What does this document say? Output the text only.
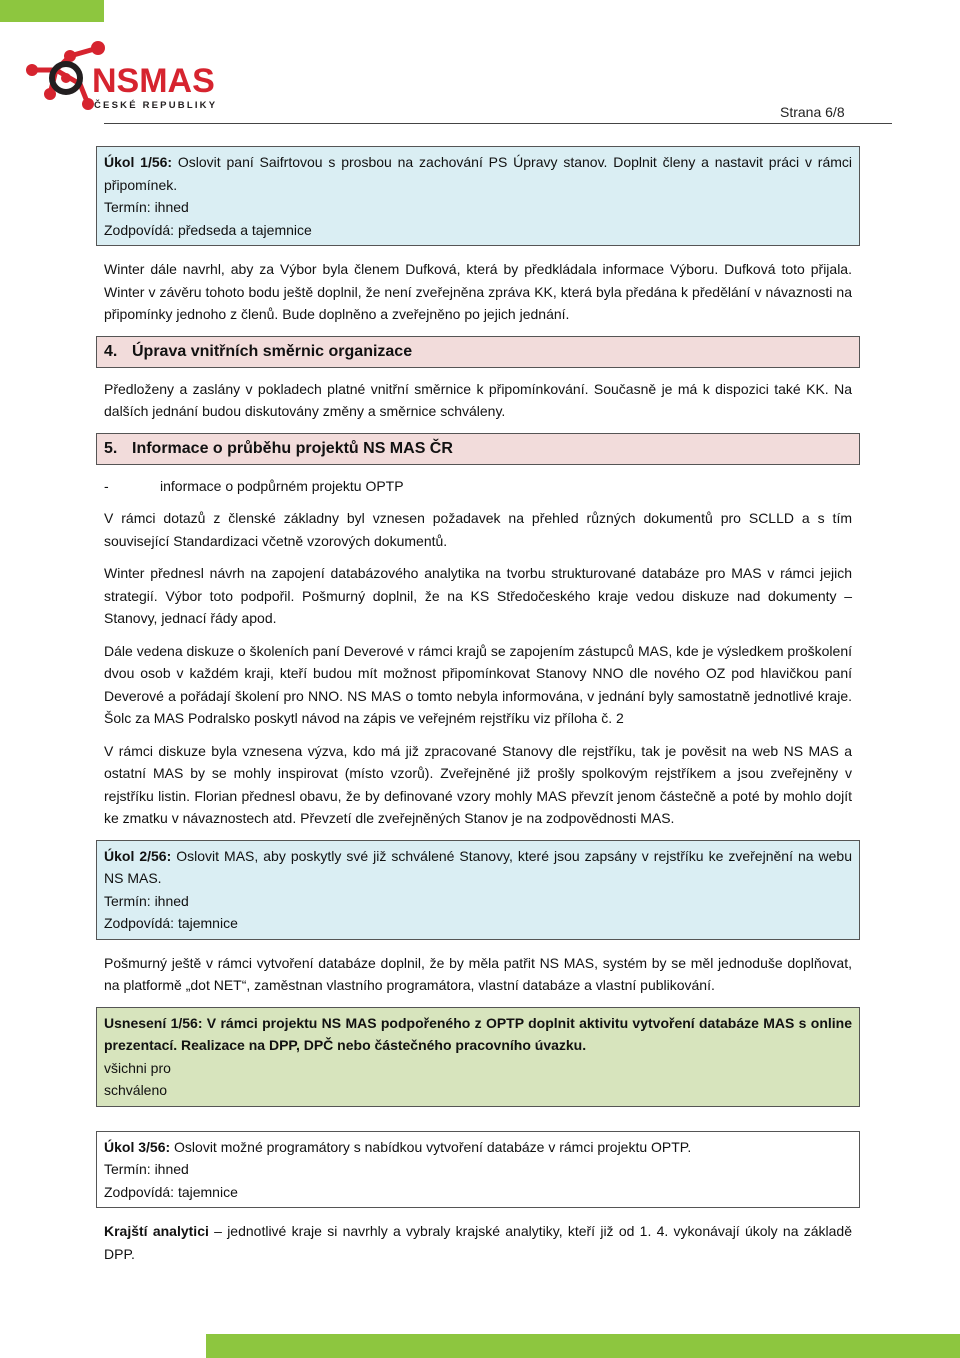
NSMAS
ČESKÉ REPUBLIKY	Strana 6/8

Úkol 1/56: Oslovit paní Saifrtovou s prosbou na zachování PS Úpravy stanov. Doplnit členy a nastavit práci v rámci připomínek.

Termín: ihned

Zodpovídá: předseda a tajemnice

Winter dále navrhl, aby za Výbor byla členem Dufková, která by předkládala informace Výboru. Dufková toto přijala. Winter v závěru tohoto bodu ještě doplnil, že není zveřejněna zpráva KK, která byla předána k předělání v návaznosti na připomínky jednoho z členů. Bude doplněno a zveřejněno po jejich jednání.

4. Úprava vnitřních směrnic organizace

Předloženy a zaslány v pokladech platné vnitřní směrnice k připomínkování. Současně je má k dispozici také KK. Na dalších jednání budou diskutovány změny a směrnice schváleny.

5. Informace o průběhu projektů NS MAS ČR
-	informace o podpůrném projektu OPTP

V rámci dotazů z členské základny byl vznesen požadavek na přehled různých dokumentů pro SCLLD a s tím související Standardizaci včetně vzorových dokumentů.

Winter přednesl návrh na zapojení databázového analytika na tvorbu strukturované databáze pro MAS v rámci jejich strategií. Výbor toto podpořil. Pošmurný doplnil, že na KS Středočeského kraje vedou diskuze nad dokumenty – Stanovy, jednací řády apod.

Dále vedena diskuze o školeních paní Deverové v rámci krajů se zapojením zástupců MAS, kde je výsledkem proškolení dvou osob v každém kraji, kteří budou mít možnost připomínkovat Stanovy NNO dle nového OZ pod hlavičkou paní Deverové a pořádají školení pro NNO. NS MAS o tomto nebyla informována, v jednání byly samostatně jednotlivé kraje. Šolc za MAS Podralsko poskytl návod na zápis ve veřejném rejstříku viz příloha č. 2

V rámci diskuze byla vznesena výzva, kdo má již zpracované Stanovy dle rejstříku, tak je pověsit na web NS MAS a ostatní MAS by se mohly inspirovat (místo vzorů). Zveřejněné již prošly spolkovým rejstříkem a jsou zveřejněny v rejstříku listin. Florian přednesl obavu, že by definované vzory mohly MAS převzít jenom částečně a poté by mohlo dojít ke zmatku v návaznostech atd. Převzetí dle zveřejněných Stanov je na zodpovědnosti MAS.

Úkol 2/56: Oslovit MAS, aby poskytly své již schválené Stanovy, které jsou zapsány v rejstříku ke zveřejnění na webu NS MAS.

Termín: ihned

Zodpovídá: tajemnice

Pošmurný ještě v rámci vytvoření databáze doplnil, že by měla patřit NS MAS, systém by se měl jednoduše doplňovat, na platformě „dot NET“, zaměstnan vlastního programátora, vlastní databáze a vlastní publikování.

Usnesení 1/56: V rámci projektu NS MAS podpořeného z OPTP doplnit aktivitu vytvoření databáze MAS s online prezentací. Realizace na DPP, DPČ nebo částečného pracovního úvazku.

všichni pro

schváleno

Úkol 3/56: Oslovit možné programátory s nabídkou vytvoření databáze v rámci projektu OPTP.

Termín: ihned

Zodpovídá: tajemnice

Krajští analytici – jednotlivé kraje si navrhly a vybraly krajské analytiky, kteří již od 1. 4. vykonávají úkoly na základě DPP.
